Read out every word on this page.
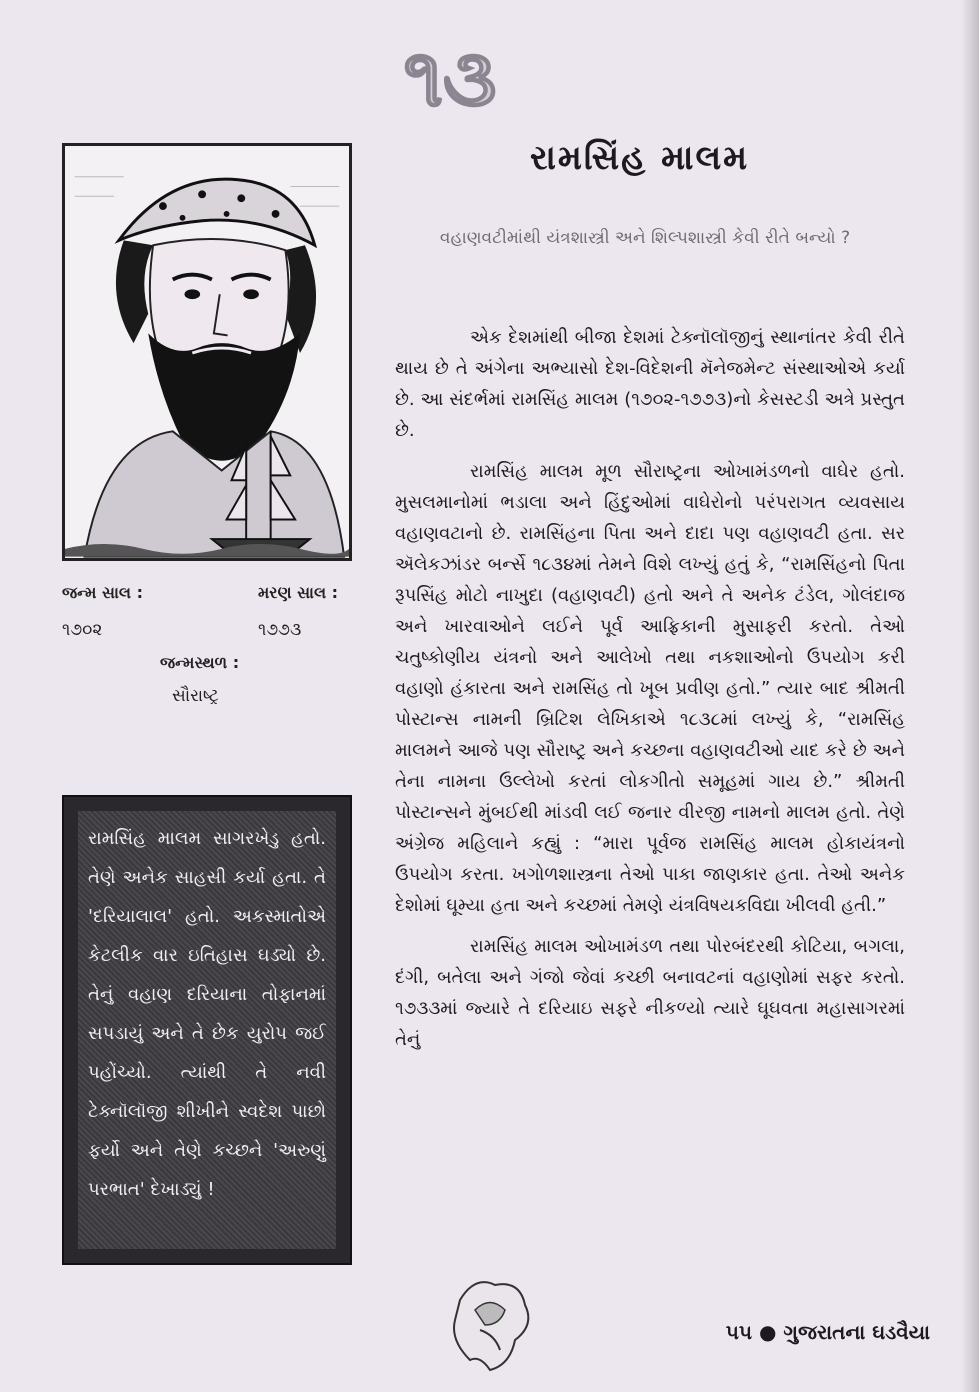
૧૩
રામસિંહ માલમ
વહાણવટીમાંથી યંત્રશાસ્ત્રી અને શિલ્પશાસ્ત્રી કેવી રીતે બન્યો ?
જન્મ સાલ :
૧૭૦૨
મરણ સાલ :
૧૭૭૩
જન્મસ્થળ :
સૌરાષ્ટ્ર
રામસિંહ માલમ સાગરખેડુ હતો. તેણે અનેક સાહસી કર્યા હતા. તે 'દરિયાલાલ' હતો. અકસ્માતોએ કેટલીક વાર ઇતિહાસ ઘડ્યો છે. તેનું વહાણ દરિયાના તોફાનમાં સપડાયું અને તે છેક યુરોપ જઈ પહોંચ્યો. ત્યાંથી તે નવી ટેક્નૉલૉજી શીખીને સ્વદેશ પાછો ફર્યો અને તેણે કચ્છને 'અરુણું પરભાત' દેખાડ્યું !

એક દેશમાંથી બીજા દેશમાં ટેક્નૉલૉજીનું સ્થાનાંતર કેવી રીતે થાય છે તે અંગેના અભ્યાસો દેશ-વિદેશની મૅનેજમેન્ટ સંસ્થાઓએ કર્યા છે. આ સંદર્ભમાં રામસિંહ માલમ (૧૭૦૨-૧૭૭૩)નો કેસસ્ટડી અત્રે પ્રસ્તુત છે.

રામસિંહ માલમ મૂળ સૌરાષ્ટ્રના ઓખામંડળનો વાઘેર હતો. મુસલમાનોમાં ભડાલા અને હિંદુઓમાં વાઘેરોનો પરંપરાગત વ્યવસાય વહાણવટાનો છે. રામસિંહના પિતા અને દાદા પણ વહાણવટી હતા. સર ઍલેકઝાંડર બર્ન્સે ૧૮૩૪માં તેમને વિશે લખ્યું હતું કે, “રામસિંહનો પિતા રૂપસિંહ મોટો નાખુદા (વહાણવટી) હતો અને તે અનેક ટંડેલ, ગોલંદાજ અને ખારવાઓને લઈને પૂર્વ આફ્રિકાની મુસાફરી કરતો. તેઓ ચતુષ્કોણીય યંત્રનો અને આલેખો તથા નકશાઓનો ઉપયોગ કરી વહાણો હંકારતા અને રામસિંહ તો ખૂબ પ્રવીણ હતો.” ત્યાર બાદ શ્રીમતી પોસ્ટાન્સ નામની બ્રિટિશ લેખિકાએ ૧૮૩૮માં લખ્યું કે, “રામસિંહ માલમને આજે પણ સૌરાષ્ટ્ર અને કચ્છના વહાણવટીઓ યાદ કરે છે અને તેના નામના ઉલ્લેખો કરતાં લોકગીતો સમૂહમાં ગાય છે.” શ્રીમતી પોસ્ટાન્સને મુંબઈથી માંડવી લઈ જનાર વીરજી નામનો માલમ હતો. તેણે અંગ્રેજ મહિલાને કહ્યું : “મારા પૂર્વજ રામસિંહ માલમ હોકાયંત્રનો ઉપયોગ કરતા. ખગોળશાસ્ત્રના તેઓ પાકા જાણકાર હતા. તેઓ અનેક દેશોમાં ઘૂમ્યા હતા અને કચ્છમાં તેમણે યંત્રવિષયકવિદ્યા ખીલવી હતી.”

રામસિંહ માલમ ઓખામંડળ તથા પોરબંદરથી કોટિયા, બગલા, દંગી, બતેલા અને ગંજો જેવાં કચ્છી બનાવટનાં વહાણોમાં સફર કરતો. ૧૭૩૩માં જ્યારે તે દરિયાઇ સફરે નીકળ્યો ત્યારે ઘૂઘવતા મહાસાગરમાં તેનું

૫૫ ● ગુજરાતના ઘડવૈયા
